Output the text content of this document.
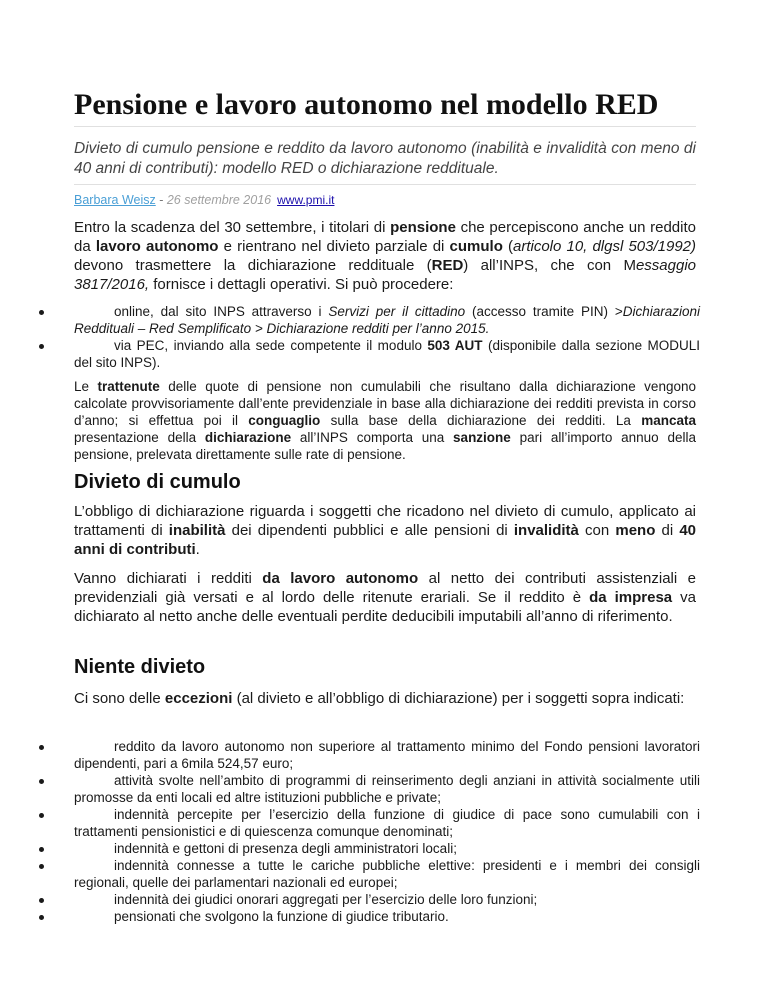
Pensione e lavoro autonomo nel modello RED

Divieto di cumulo pensione e reddito da lavoro autonomo (inabilità e invalidità con meno di 40 anni di contributi): modello RED o dichiarazione reddituale.

Barbara Weisz - 26 settembre 2016 www.pmi.it

Entro la scadenza del 30 settembre, i titolari di pensione che percepiscono anche un reddito da lavoro autonomo e rientrano nel divieto parziale di cumulo (articolo 10, dlgsl 503/1992) devono trasmettere la dichiarazione reddituale (RED) all’INPS, che con Messaggio 3817/2016, fornisce i dettagli operativi. Si può procedere:

online, dal sito INPS attraverso i Servizi per il cittadino (accesso tramite PIN) >Dichiarazioni Reddituali – Red Semplificato > Dichiarazione redditi per l’anno 2015.
via PEC, inviando alla sede competente il modulo 503 AUT (disponibile dalla sezione MODULI del sito INPS).

Le trattenute delle quote di pensione non cumulabili che risultano dalla dichiarazione vengono calcolate provvisoriamente dall’ente previdenziale in base alla dichiarazione dei redditi prevista in corso d’anno; si effettua poi il conguaglio sulla base della dichiarazione dei redditi. La mancata presentazione della dichiarazione all’INPS comporta una sanzione pari all’importo annuo della pensione, prelevata direttamente sulle rate di pensione.

Divieto di cumulo

L’obbligo di dichiarazione riguarda i soggetti che ricadono nel divieto di cumulo, applicato ai trattamenti di inabilità dei dipendenti pubblici e alle pensioni di invalidità con meno di 40 anni di contributi.

Vanno dichiarati i redditi da lavoro autonomo al netto dei contributi assistenziali e previdenziali già versati e al lordo delle ritenute erariali. Se il reddito è da impresa va dichiarato al netto anche delle eventuali perdite deducibili imputabili all’anno di riferimento.

Niente divieto

Ci sono delle eccezioni (al divieto e all’obbligo di dichiarazione) per i soggetti sopra indicati:

reddito da lavoro autonomo non superiore al trattamento minimo del Fondo pensioni lavoratori dipendenti, pari a 6mila 524,57 euro;
attività svolte nell’ambito di programmi di reinserimento degli anziani in attività socialmente utili promosse da enti locali ed altre istituzioni pubbliche e private;
indennità percepite per l’esercizio della funzione di giudice di pace sono cumulabili con i trattamenti pensionistici e di quiescenza comunque denominati;
indennità e gettoni di presenza degli amministratori locali;
indennità connesse a tutte le cariche pubbliche elettive: presidenti e i membri dei consigli regionali, quelle dei parlamentari nazionali ed europei;
indennità dei giudici onorari aggregati per l’esercizio delle loro funzioni;
pensionati che svolgono la funzione di giudice tributario.
